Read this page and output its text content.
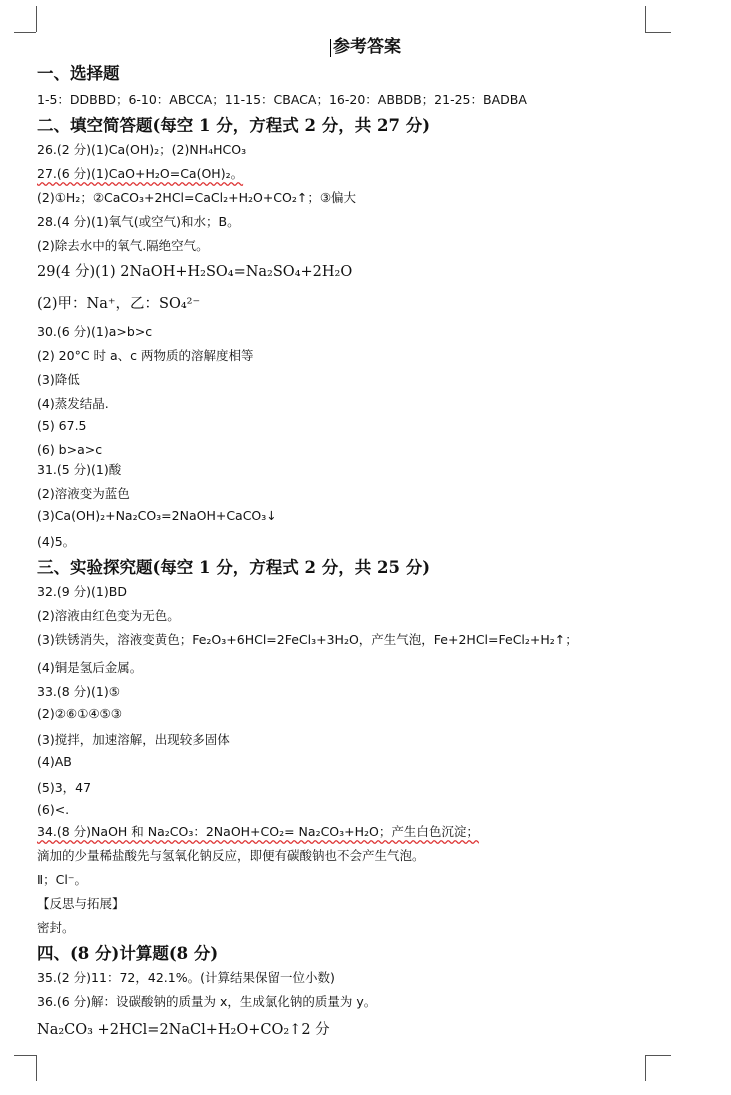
参考答案
一、选择题
1-5：DDBBD；6-10：ABCCA；11-15：CBACA；16-20：ABBDB；21-25：BADBA
二、填空简答题(每空 1 分，方程式 2 分，共 27 分)
26.(2 分)(1)Ca(OH)₂；(2)NH₄HCO₃
27.(6 分)(1)CaO+H₂O=Ca(OH)₂。
(2)①H₂；②CaCO₃+2HCl=CaCl₂+H₂O+CO₂↑；③偏大
28.(4 分)(1)氧气(或空气)和水；B。
(2)除去水中的氧气.隔绝空气。
29(4 分)(1) 2NaOH+H₂SO₄=Na₂SO₄+2H₂O
(2)甲：Na⁺，乙：SO₄²⁻
30.(6 分)(1)a>b>c
(2) 20°C 时 a、c 两物质的溶解度相等
(3)降低
(4)蒸发结晶.
(5) 67.5
(6) b>a>c
31.(5 分)(1)酸
(2)溶液变为蓝色
(3)Ca(OH)₂+Na₂CO₃=2NaOH+CaCO₃↓
(4)5。
三、实验探究题(每空 1 分，方程式 2 分，共 25 分)
32.(9 分)(1)BD
(2)溶液由红色变为无色。
(3)铁锈消失，溶液变黄色；Fe₂O₃+6HCl=2FeCl₃+3H₂O，产生气泡，Fe+2HCl=FeCl₂+H₂↑；
(4)铜是氢后金属。
33.(8 分)(1)⑤
(2)②⑥①④⑤③
(3)搅拌，加速溶解，出现较多固体
(4)AB
(5)3，47
(6)<.
34.(8 分)NaOH 和 Na₂CO₃：2NaOH+CO₂= Na₂CO₃+H₂O；产生白色沉淀；
滴加的少量稀盐酸先与氢氧化钠反应，即便有碳酸钠也不会产生气泡。
Ⅱ；Cl⁻。
【反思与拓展】
密封。
四、(8 分)计算题(8 分)
35.(2 分)11：72，42.1%。(计算结果保留一位小数)
36.(6 分)解：设碳酸钠的质量为 x，生成氯化钠的质量为 y。
Na₂CO₃ +2HCl=2NaCl+H₂O+CO₂↑2 分
